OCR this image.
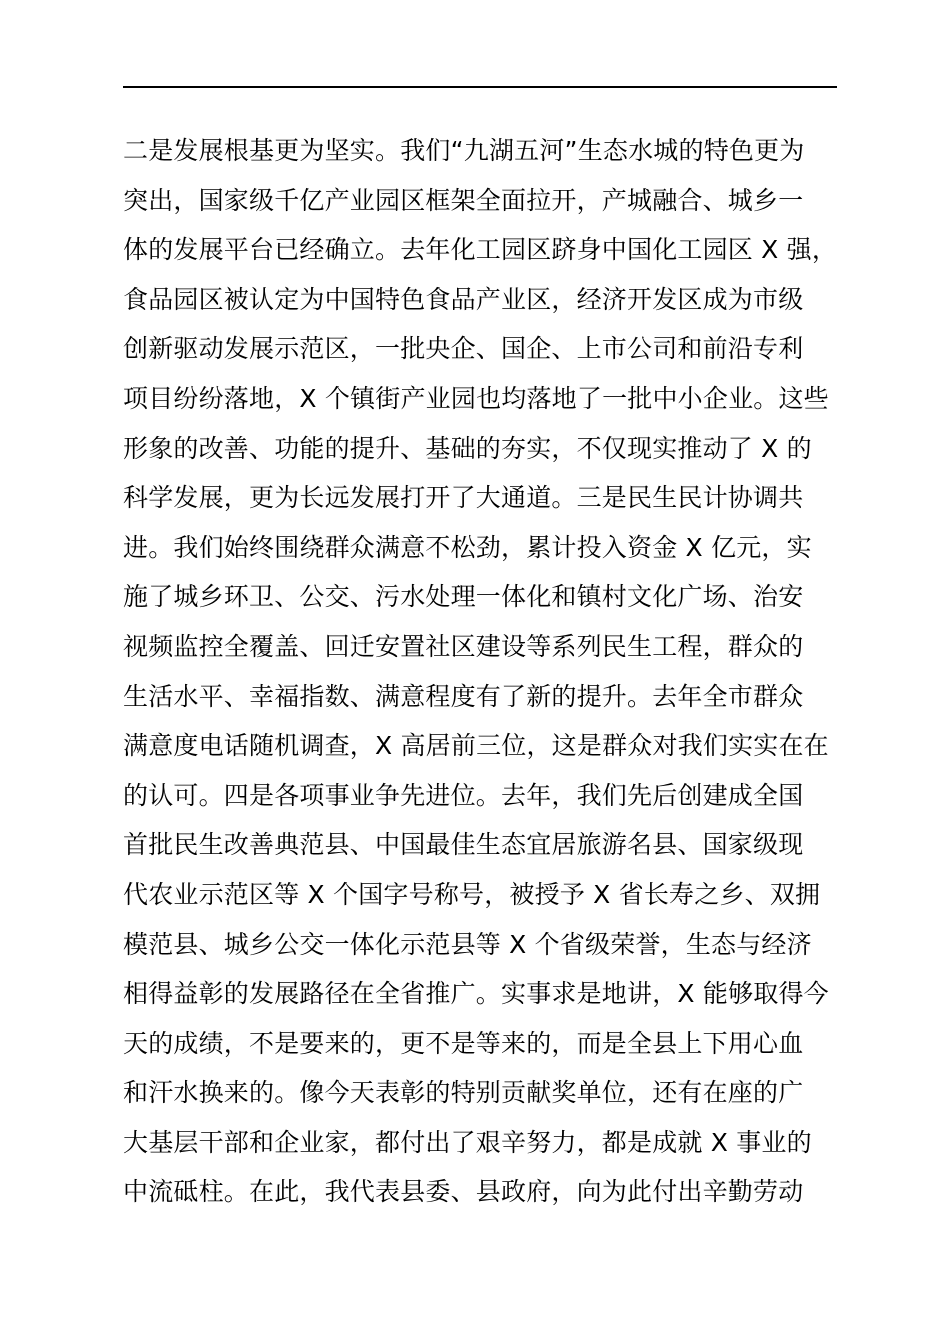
二是发展根基更为坚实。我们“九湖五河”生态水城的特色更为
突出，国家级千亿产业园区框架全面拉开，产城融合、城乡一
体的发展平台已经确立。去年化工园区跻身中国化工园区 X 强，
食品园区被认定为中国特色食品产业区，经济开发区成为市级
创新驱动发展示范区，一批央企、国企、上市公司和前沿专利
项目纷纷落地，X 个镇街产业园也均落地了一批中小企业。这些
形象的改善、功能的提升、基础的夯实，不仅现实推动了 X 的
科学发展，更为长远发展打开了大通道。三是民生民计协调共
进。我们始终围绕群众满意不松劲，累计投入资金 X 亿元，实
施了城乡环卫、公交、污水处理一体化和镇村文化广场、治安
视频监控全覆盖、回迁安置社区建设等系列民生工程，群众的
生活水平、幸福指数、满意程度有了新的提升。去年全市群众
满意度电话随机调查，X 高居前三位，这是群众对我们实实在在
的认可。四是各项事业争先进位。去年，我们先后创建成全国
首批民生改善典范县、中国最佳生态宜居旅游名县、国家级现
代农业示范区等 X 个国字号称号，被授予 X 省长寿之乡、双拥
模范县、城乡公交一体化示范县等 X 个省级荣誉，生态与经济
相得益彰的发展路径在全省推广。实事求是地讲，X 能够取得今
天的成绩，不是要来的，更不是等来的，而是全县上下用心血
和汗水换来的。像今天表彰的特别贡献奖单位，还有在座的广
大基层干部和企业家，都付出了艰辛努力，都是成就 X 事业的
中流砥柱。在此，我代表县委、县政府，向为此付出辛勤劳动
